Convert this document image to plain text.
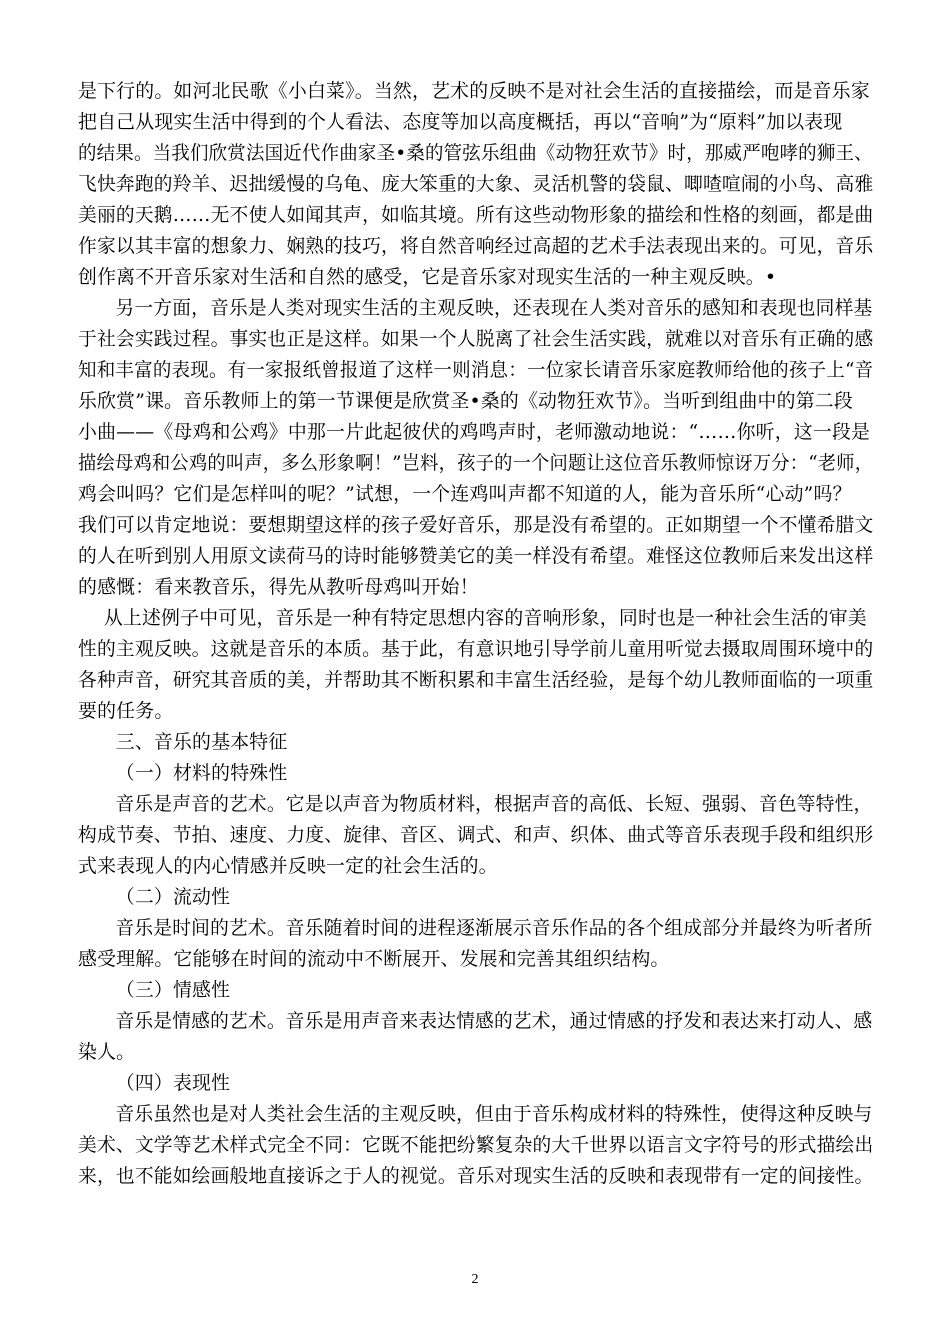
是下行的。如河北民歌《小白菜》。当然，艺术的反映不是对社会生活的直接描绘，而是音乐家
把自己从现实生活中得到的个人看法、态度等加以高度概括，再以“音响”为“原料”加以表现
的结果。当我们欣赏法国近代作曲家圣•桑的管弦乐组曲《动物狂欢节》时，那威严咆哮的狮王、
飞快奔跑的羚羊、迟拙缓慢的乌龟、庞大笨重的大象、灵活机警的袋鼠、唧喳喧闹的小鸟、高雅
美丽的天鹅……无不使人如闻其声，如临其境。所有这些动物形象的描绘和性格的刻画，都是曲
作家以其丰富的想象力、娴熟的技巧，将自然音响经过高超的艺术手法表现出来的。可见，音乐
创作离不开音乐家对生活和自然的感受，它是音乐家对现实生活的一种主观反映。•
另一方面，音乐是人类对现实生活的主观反映，还表现在人类对音乐的感知和表现也同样基
于社会实践过程。事实也正是这样。如果一个人脱离了社会生活实践，就难以对音乐有正确的感
知和丰富的表现。有一家报纸曾报道了这样一则消息：一位家长请音乐家庭教师给他的孩子上“音
乐欣赏”课。音乐教师上的第一节课便是欣赏圣•桑的《动物狂欢节》。当听到组曲中的第二段
小曲——《母鸡和公鸡》中那一片此起彼伏的鸡鸣声时，老师激动地说：“……你听，这一段是
描绘母鸡和公鸡的叫声，多么形象啊！”岂料，孩子的一个问题让这位音乐教师惊讶万分：“老师，
鸡会叫吗？它们是怎样叫的呢？”试想，一个连鸡叫声都不知道的人，能为音乐所“心动”吗？
我们可以肯定地说：要想期望这样的孩子爱好音乐，那是没有希望的。正如期望一个不懂希腊文
的人在听到别人用原文读荷马的诗时能够赞美它的美一样没有希望。难怪这位教师后来发出这样
的感慨：看来教音乐，得先从教听母鸡叫开始！
从上述例子中可见，音乐是一种有特定思想内容的音响形象，同时也是一种社会生活的审美
性的主观反映。这就是音乐的本质。基于此，有意识地引导学前儿童用听觉去摄取周围环境中的
各种声音，研究其音质的美，并帮助其不断积累和丰富生活经验，是每个幼儿教师面临的一项重
要的任务。
三、音乐的基本特征
（一）材料的特殊性
音乐是声音的艺术。它是以声音为物质材料，根据声音的高低、长短、强弱、音色等特性，
构成节奏、节拍、速度、力度、旋律、音区、调式、和声、织体、曲式等音乐表现手段和组织形
式来表现人的内心情感并反映一定的社会生活的。
（二）流动性
音乐是时间的艺术。音乐随着时间的进程逐渐展示音乐作品的各个组成部分并最终为听者所
感受理解。它能够在时间的流动中不断展开、发展和完善其组织结构。
（三）情感性
音乐是情感的艺术。音乐是用声音来表达情感的艺术，通过情感的抒发和表达来打动人、感
染人。
（四）表现性
音乐虽然也是对人类社会生活的主观反映，但由于音乐构成材料的特殊性，使得这种反映与
美术、文学等艺术样式完全不同：它既不能把纷繁复杂的大千世界以语言文字符号的形式描绘出
来，也不能如绘画般地直接诉之于人的视觉。音乐对现实生活的反映和表现带有一定的间接性。
2
